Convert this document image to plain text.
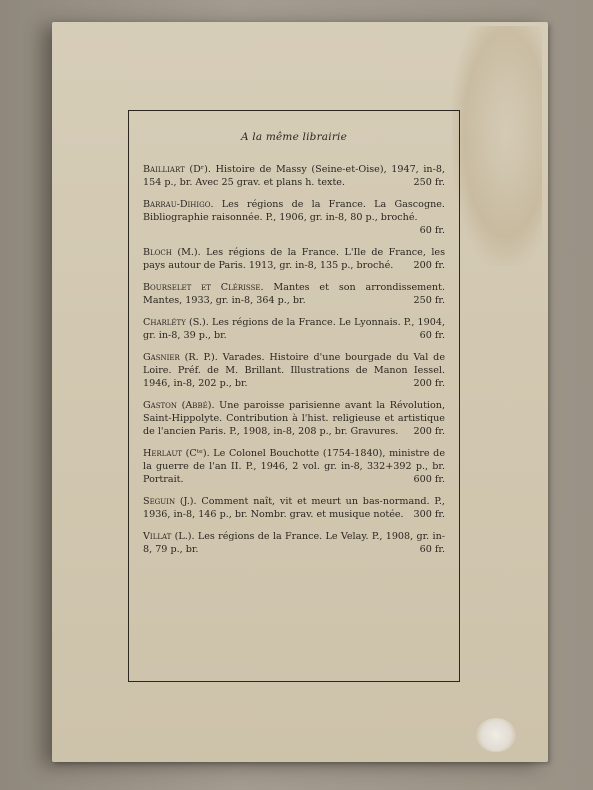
A la même librairie
Bailliart (Dʳ). Histoire de Massy (Seine-et-Oise), 1947, in-8, 154 p., br. Avec 25 grav. et plans h. texte.	250 fr.
Barrau-Dihigo. Les régions de la France. La Gascogne. Bibliographie raisonnée. P., 1906, gr. in-8, 80 p., broché.
60 fr.
Bloch (M.). Les régions de la France. L'Ile de France, les pays autour de Paris. 1913, gr. in-8, 135 p., broché. 200 fr.
Bourselet et Clérisse. Mantes et son arrondissement. Mantes, 1933, gr. in-8, 364 p., br.	250 fr.
Charléty (S.). Les régions de la France. Le Lyonnais. P., 1904, gr. in-8, 39 p., br.	60 fr.
Gasnier (R. P.). Varades. Histoire d'une bourgade du Val de Loire. Préf. de M. Brillant. Illustrations de Manon Iessel. 1946, in-8, 202 p., br.	200 fr.
Gaston (Abbé). Une paroisse parisienne avant la Révolution, Saint-Hippolyte. Contribution à l'hist. religieuse et artistique de l'ancien Paris. P., 1908, in-8, 208 p., br. Gravures. 200 fr.
Herlaut (Cᵗᵉ). Le Colonel Bouchotte (1754-1840), ministre de la guerre de l'an II. P., 1946, 2 vol. gr. in-8, 332+392 p., br. Portrait.	600 fr.
Seguin (J.). Comment naît, vit et meurt un bas-normand. P., 1936, in-8, 146 p., br. Nombr. grav. et musique notée. 300 fr.
Villat (L.). Les régions de la France. Le Velay. P., 1908, gr. in-8, 79 p., br.	60 fr.
